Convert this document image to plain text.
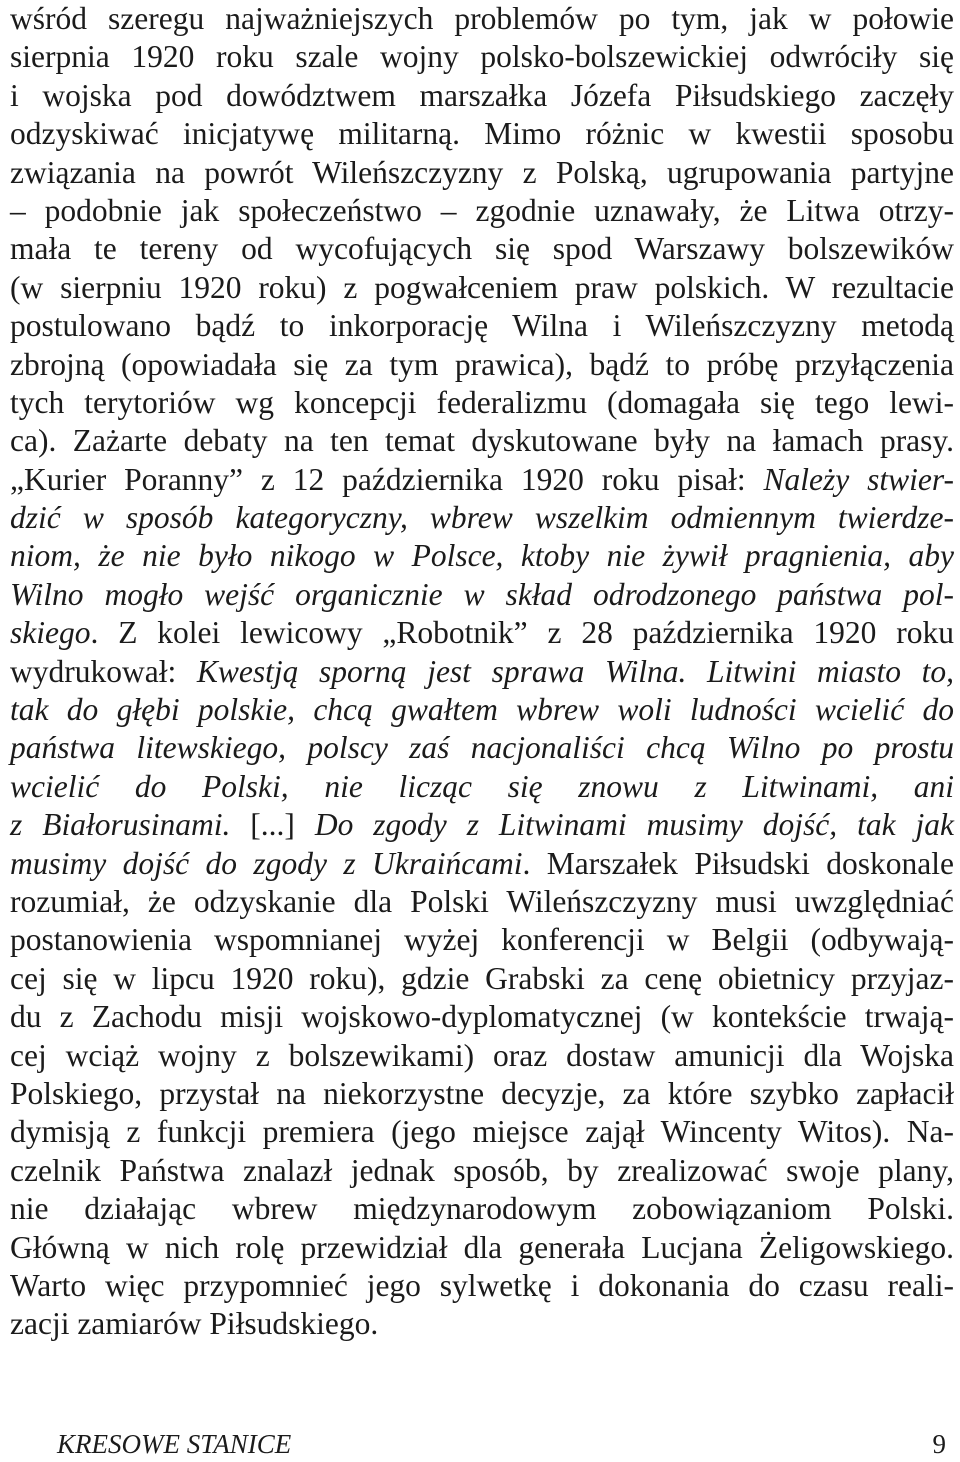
wśród szeregu najważniejszych problemów po tym, jak w połowie
sierpnia 1920 roku szale wojny polsko-bolszewickiej odwróciły się
i wojska pod dowództwem marszałka Józefa Piłsudskiego zaczęły
odzyskiwać inicjatywę militarną. Mimo różnic w kwestii sposobu
związania na powrót Wileńszczyzny z Polską, ugrupowania partyjne
– podobnie jak społeczeństwo – zgodnie uznawały, że Litwa otrzy-
mała te tereny od wycofujących się spod Warszawy bolszewików
(w sierpniu 1920 roku) z pogwałceniem praw polskich. W rezultacie
postulowano bądź to inkorporację Wilna i Wileńszczyzny metodą
zbrojną (opowiadała się za tym prawica), bądź to próbę przyłączenia
tych terytoriów wg koncepcji federalizmu (domagała się tego lewi-
ca). Zażarte debaty na ten temat dyskutowane były na łamach prasy.
„Kurier Poranny” z 12 października 1920 roku pisał: Należy stwier-
dzić w sposób kategoryczny, wbrew wszelkim odmiennym twierdze-
niom, że nie było nikogo w Polsce, ktoby nie żywił pragnienia, aby
Wilno mogło wejść organicznie w skład odrodzonego państwa pol-
skiego. Z kolei lewicowy „Robotnik” z 28 października 1920 roku
wydrukował: Kwestją sporną jest sprawa Wilna. Litwini miasto to,
tak do głębi polskie, chcą gwałtem wbrew woli ludności wcielić do
państwa litewskiego, polscy zaś nacjonaliści chcą Wilno po prostu
wcielić do Polski, nie licząc się znowu z Litwinami, ani
z Białorusinami. [...] Do zgody z Litwinami musimy dojść, tak jak
musimy dojść do zgody z Ukraińcami. Marszałek Piłsudski doskonale
rozumiał, że odzyskanie dla Polski Wileńszczyzny musi uwzględniać
postanowienia wspomnianej wyżej konferencji w Belgii (odbywają-
cej się w lipcu 1920 roku), gdzie Grabski za cenę obietnicy przyjaz-
du z Zachodu misji wojskowo-dyplomatycznej (w kontekście trwają-
cej wciąż wojny z bolszewikami) oraz dostaw amunicji dla Wojska
Polskiego, przystał na niekorzystne decyzje, za które szybko zapłacił
dymisją z funkcji premiera (jego miejsce zajął Wincenty Witos). Na-
czelnik Państwa znalazł jednak sposób, by zrealizować swoje plany,
nie działając wbrew międzynarodowym zobowiązaniom Polski.
Główną w nich rolę przewidział dla generała Lucjana Żeligowskiego.
Warto więc przypomnieć jego sylwetkę i dokonania do czasu reali-
zacji zamiarów Piłsudskiego.
KRESOWE STANICE	9
